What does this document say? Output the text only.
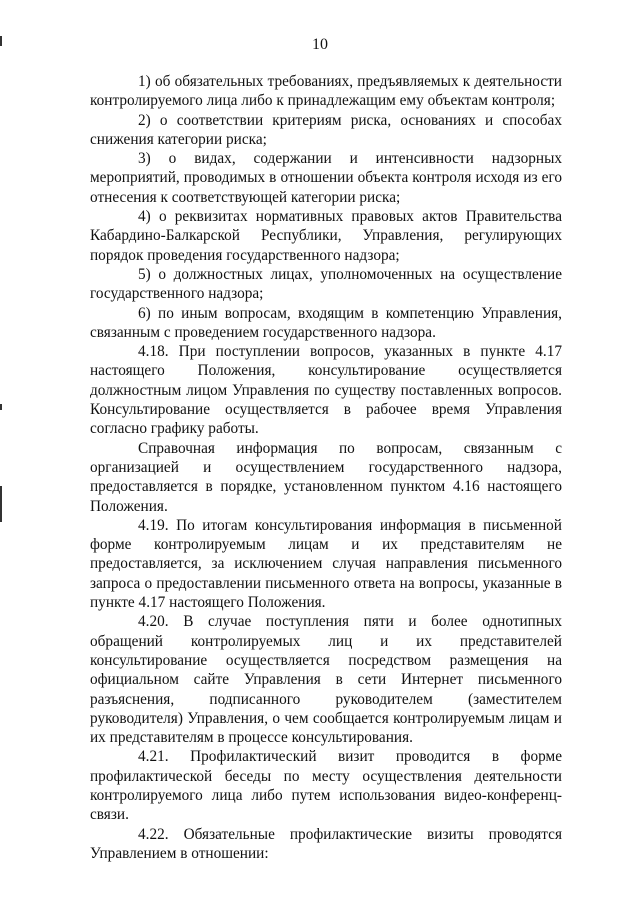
10

1) об обязательных требованиях, предъявляемых к деятельности контролируемого лица либо к принадлежащим ему объектам контроля;

2) о соответствии критериям риска, основаниях и способах снижения категории риска;

3) о видах, содержании и интенсивности надзорных мероприятий, проводимых в отношении объекта контроля исходя из его отнесения к соответствующей категории риска;

4) о реквизитах нормативных правовых актов Правительства Кабардино-Балкарской Республики, Управления, регулирующих порядок проведения государственного надзора;

5) о должностных лицах, уполномоченных на осуществление государственного надзора;

6) по иным вопросам, входящим в компетенцию Управления, связанным с проведением государственного надзора.

4.18. При поступлении вопросов, указанных в пункте 4.17 настоящего Положения, консультирование осуществляется должностным лицом Управления по существу поставленных вопросов. Консультирование осуществляется в рабочее время Управления согласно графику работы.

Справочная информация по вопросам, связанным с организацией и осуществлением государственного надзора, предоставляется в порядке, установленном пунктом 4.16 настоящего Положения.

4.19. По итогам консультирования информация в письменной форме контролируемым лицам и их представителям не предоставляется, за исключением случая направления письменного запроса о предоставлении письменного ответа на вопросы, указанные в пункте 4.17 настоящего Положения.

4.20. В случае поступления пяти и более однотипных обращений контролируемых лиц и их представителей консультирование осуществляется посредством размещения на официальном сайте Управления в сети Интернет письменного разъяснения, подписанного руководителем (заместителем руководителя) Управления, о чем сообщается контролируемым лицам и их представителям в процессе консультирования.

4.21. Профилактический визит проводится в форме профилактической беседы по месту осуществления деятельности контролируемого лица либо путем использования видео-конференц-связи.

4.22. Обязательные профилактические визиты проводятся Управлением в отношении:
